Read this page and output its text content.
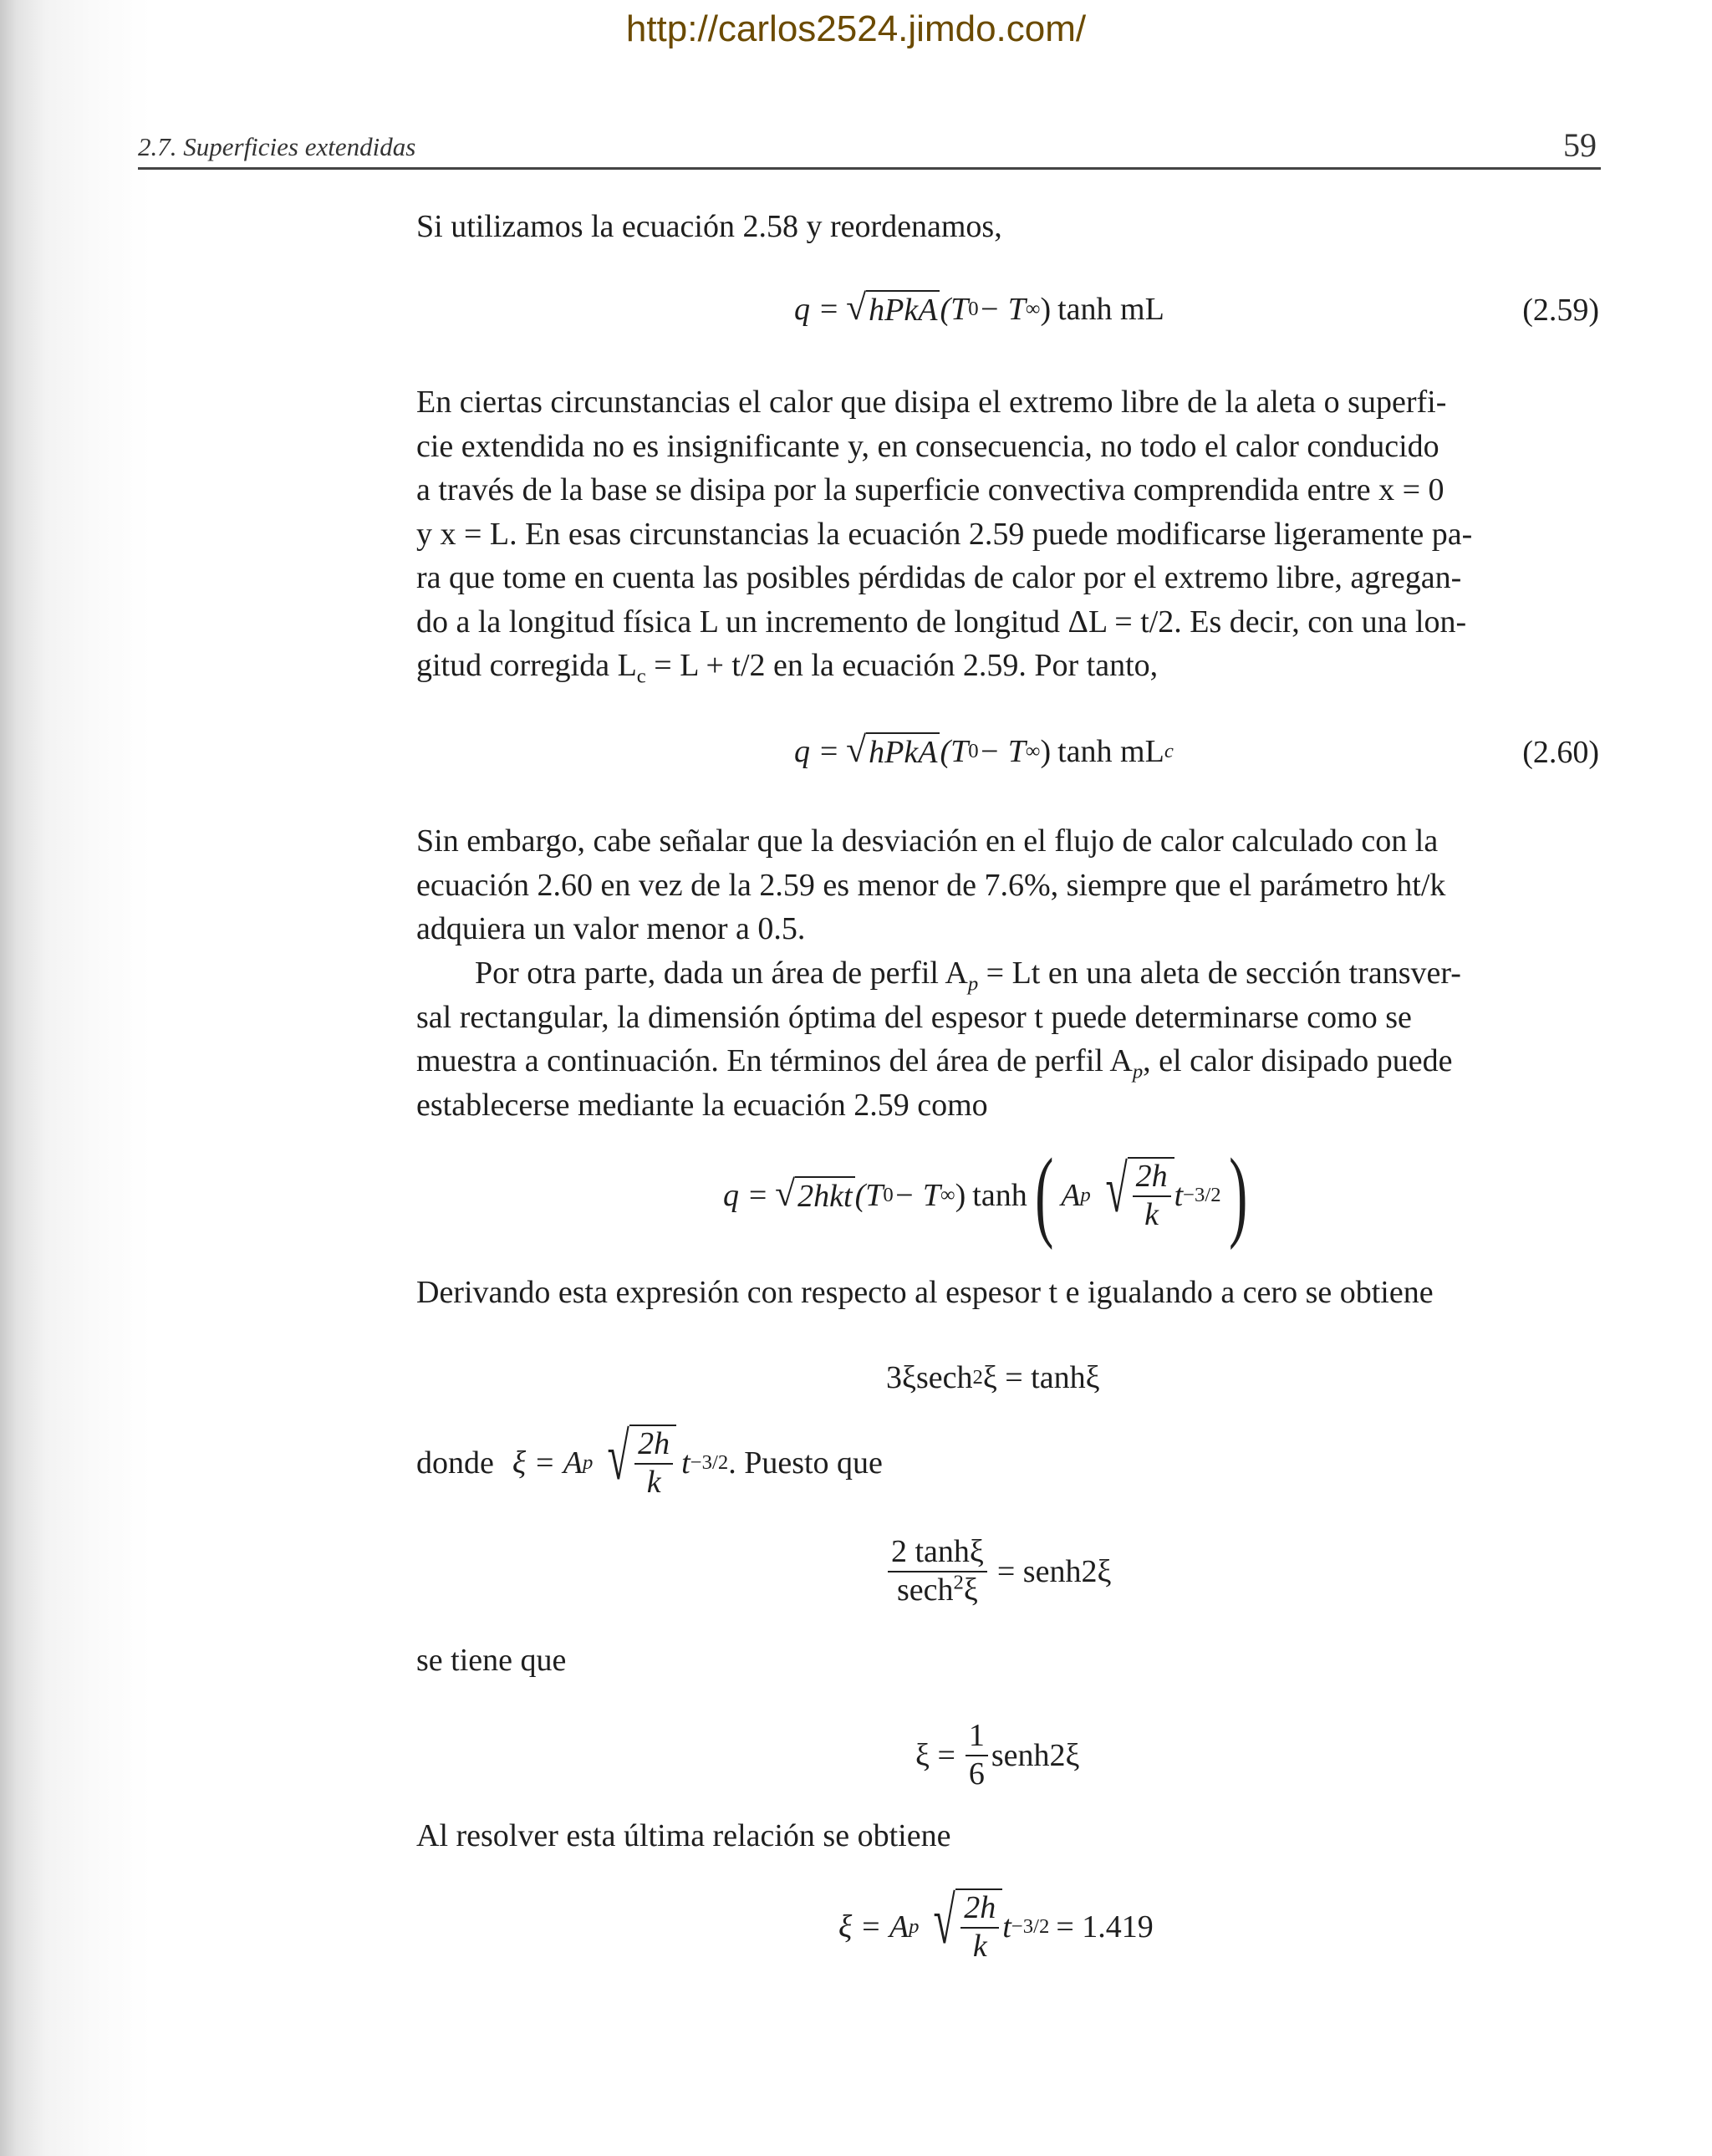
http://carlos2524.jimdo.com/
2.7. Superficies extendidas	59

Si utilizamos la ecuación 2.58 y reordenamos,

q = √ hPkA (T 0 − T ∞ ) tanh mL	(2.59)
En ciertas circunstancias el calor que disipa el extremo libre de la aleta o superfi-
cie extendida no es insignificante y, en consecuencia, no todo el calor conducido
a través de la base se disipa por la superficie convectiva comprendida entre x = 0
y x = L. En esas circunstancias la ecuación 2.59 puede modificarse ligeramente pa-
ra que tome en cuenta las posibles pérdidas de calor por el extremo libre, agregan-
do a la longitud física L un incremento de longitud ΔL = t/2. Es decir, con una lon-
gitud corregida $L_c = L + t/2$ en la ecuación 2.59. Por tanto,
q = √ hPkA (T 0 − T ∞ ) tanh mL c	(2.60)
Sin embargo, cabe señalar que la desviación en el flujo de calor calculado con la
ecuación 2.60 en vez de la 2.59 es menor de 7.6%, siempre que el parámetro ht/k
adquiera un valor menor a 0.5.
Por otra parte, dada un área de perfil $A_p = Lt$ en una aleta de sección transver-
sal rectangular, la dimensión óptima del espesor t puede determinarse como se
muestra a continuación. En términos del área de perfil $A_p$, el calor disipado puede
establecerse mediante la ecuación 2.59 como
q = √ 2hkt (T 0 − T ∞ ) tanh ( A p √ $\frac{2h}{k}$ t −3/2 )

Derivando esta expresión con respecto al espesor t e igualando a cero se obtiene

3ξsech 2 ξ = tanhξ
donde ξ = A p √ $\frac{2h}{k}$ t −3/2 . Puesto que
$\frac{2 \tanh\xi}{\sec h^2\xi}$ = senh2ξ

se tiene que

$\xi = \frac{1}{6}$ senh2ξ

Al resolver esta última relación se obtiene

ξ = A p √ $\frac{2h}{k}$ t −3/2 = 1.419
